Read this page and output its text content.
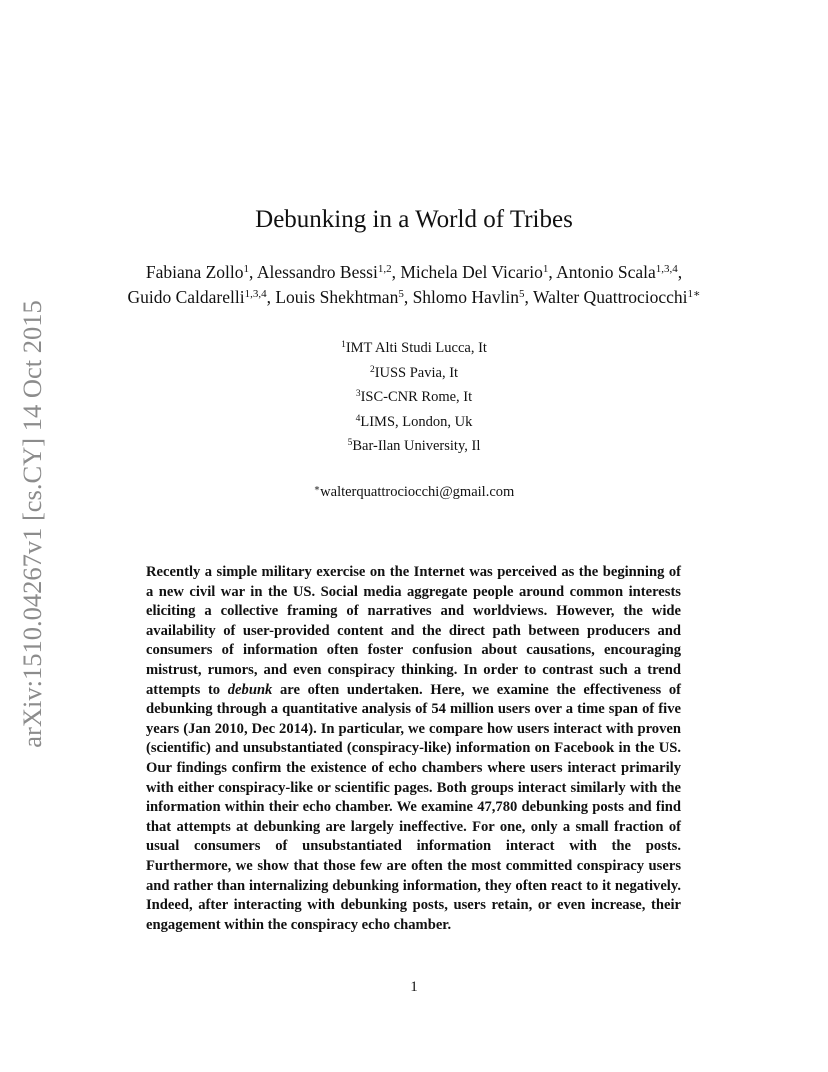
arXiv:1510.04267v1 [cs.CY] 14 Oct 2015
Debunking in a World of Tribes
Fabiana Zollo$^1$, Alessandro Bessi$^{1,2}$, Michela Del Vicario$^1$, Antonio Scala$^{1,3,4}$,
Guido Caldarelli$^{1,3,4}$, Louis Shekhtman$^5$, Shlomo Havlin$^5$, Walter Quattrociocchi$^{1∗}$
$^1$IMT Alti Studi Lucca, It
$^2$IUSS Pavia, It
$^3$ISC-CNR Rome, It
$^4$LIMS, London, Uk
$^5$Bar-Ilan University, Il
∗walterquattrociocchi@gmail.com

Recently a simple military exercise on the Internet was perceived as the beginning of a new civil war in the US. Social media aggregate people around common interests eliciting a collective framing of narratives and worldviews. However, the wide availability of user-provided content and the direct path between producers and consumers of information often foster confusion about causations, encouraging mistrust, rumors, and even conspiracy thinking. In order to contrast such a trend attempts to debunk are often undertaken. Here, we examine the effectiveness of debunking through a quantitative analysis of 54 million users over a time span of five years (Jan 2010, Dec 2014). In particular, we compare how users interact with proven (scientific) and unsubstantiated (conspiracy-like) information on Facebook in the US. Our findings confirm the existence of echo chambers where users interact primarily with either conspiracy-like or scientific pages. Both groups interact similarly with the information within their echo chamber. We examine 47,780 debunking posts and find that attempts at debunking are largely ineffective. For one, only a small fraction of usual consumers of unsubstantiated information interact with the posts. Furthermore, we show that those few are often the most committed conspiracy users and rather than internalizing debunking information, they often react to it negatively. Indeed, after interacting with debunking posts, users retain, or even increase, their engagement within the conspiracy echo chamber.

1
